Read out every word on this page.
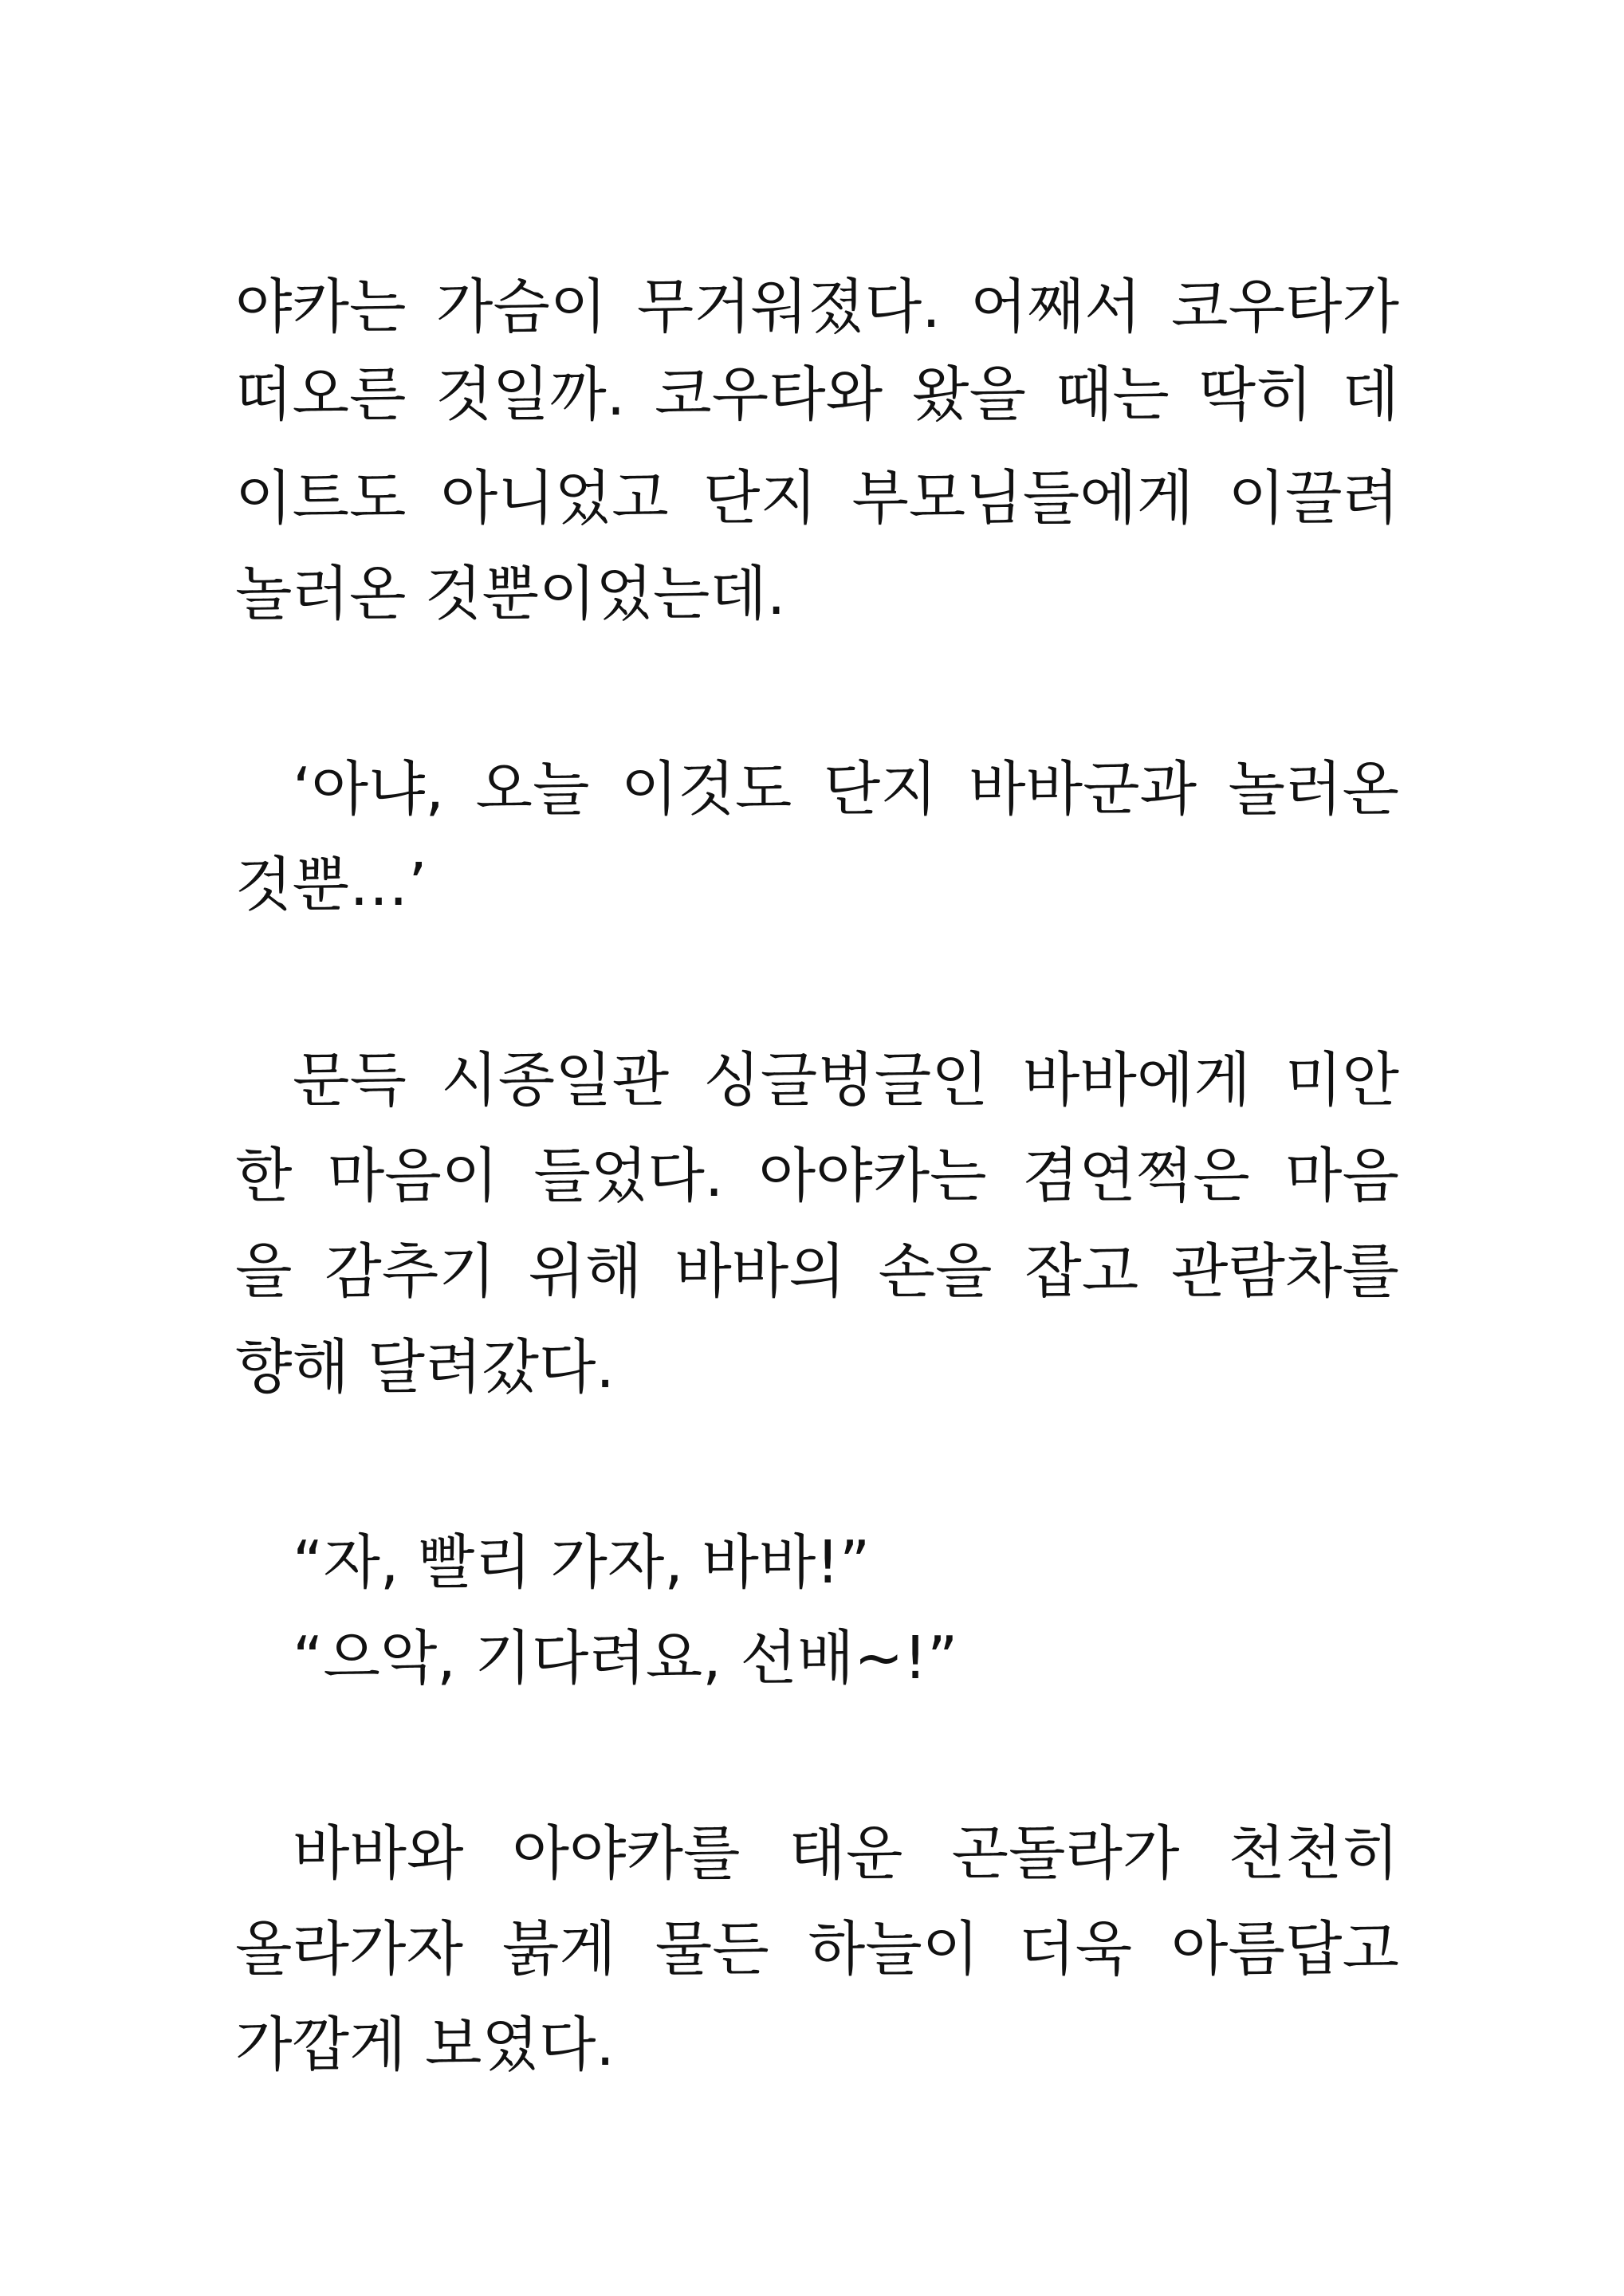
야카는 가슴이 무거워졌다. 어째서 코우타가
떠오른 것일까. 코우타와 왔을 때는 딱히 데
이트도 아니었고 단지 부모님들에게 이끌려
놀러온 것뿐이었는데.
‘아냐, 오늘 이것도 단지 바바군과 놀러온
것뿐…’
문득 시종일관 싱글벙글인 바바에게 미안
한 마음이 들었다. 아야카는 겸연쩍은 마음
을 감추기 위해 바바의 손을 잡고 관람차를
향해 달려갔다.
“자, 빨리 가자, 바바!”
“으악, 기다려요, 선배~!”
바바와 아야카를 태운 곤돌라가 천천히
올라가자 붉게 물든 하늘이 더욱 아름답고
가깝게 보였다.
